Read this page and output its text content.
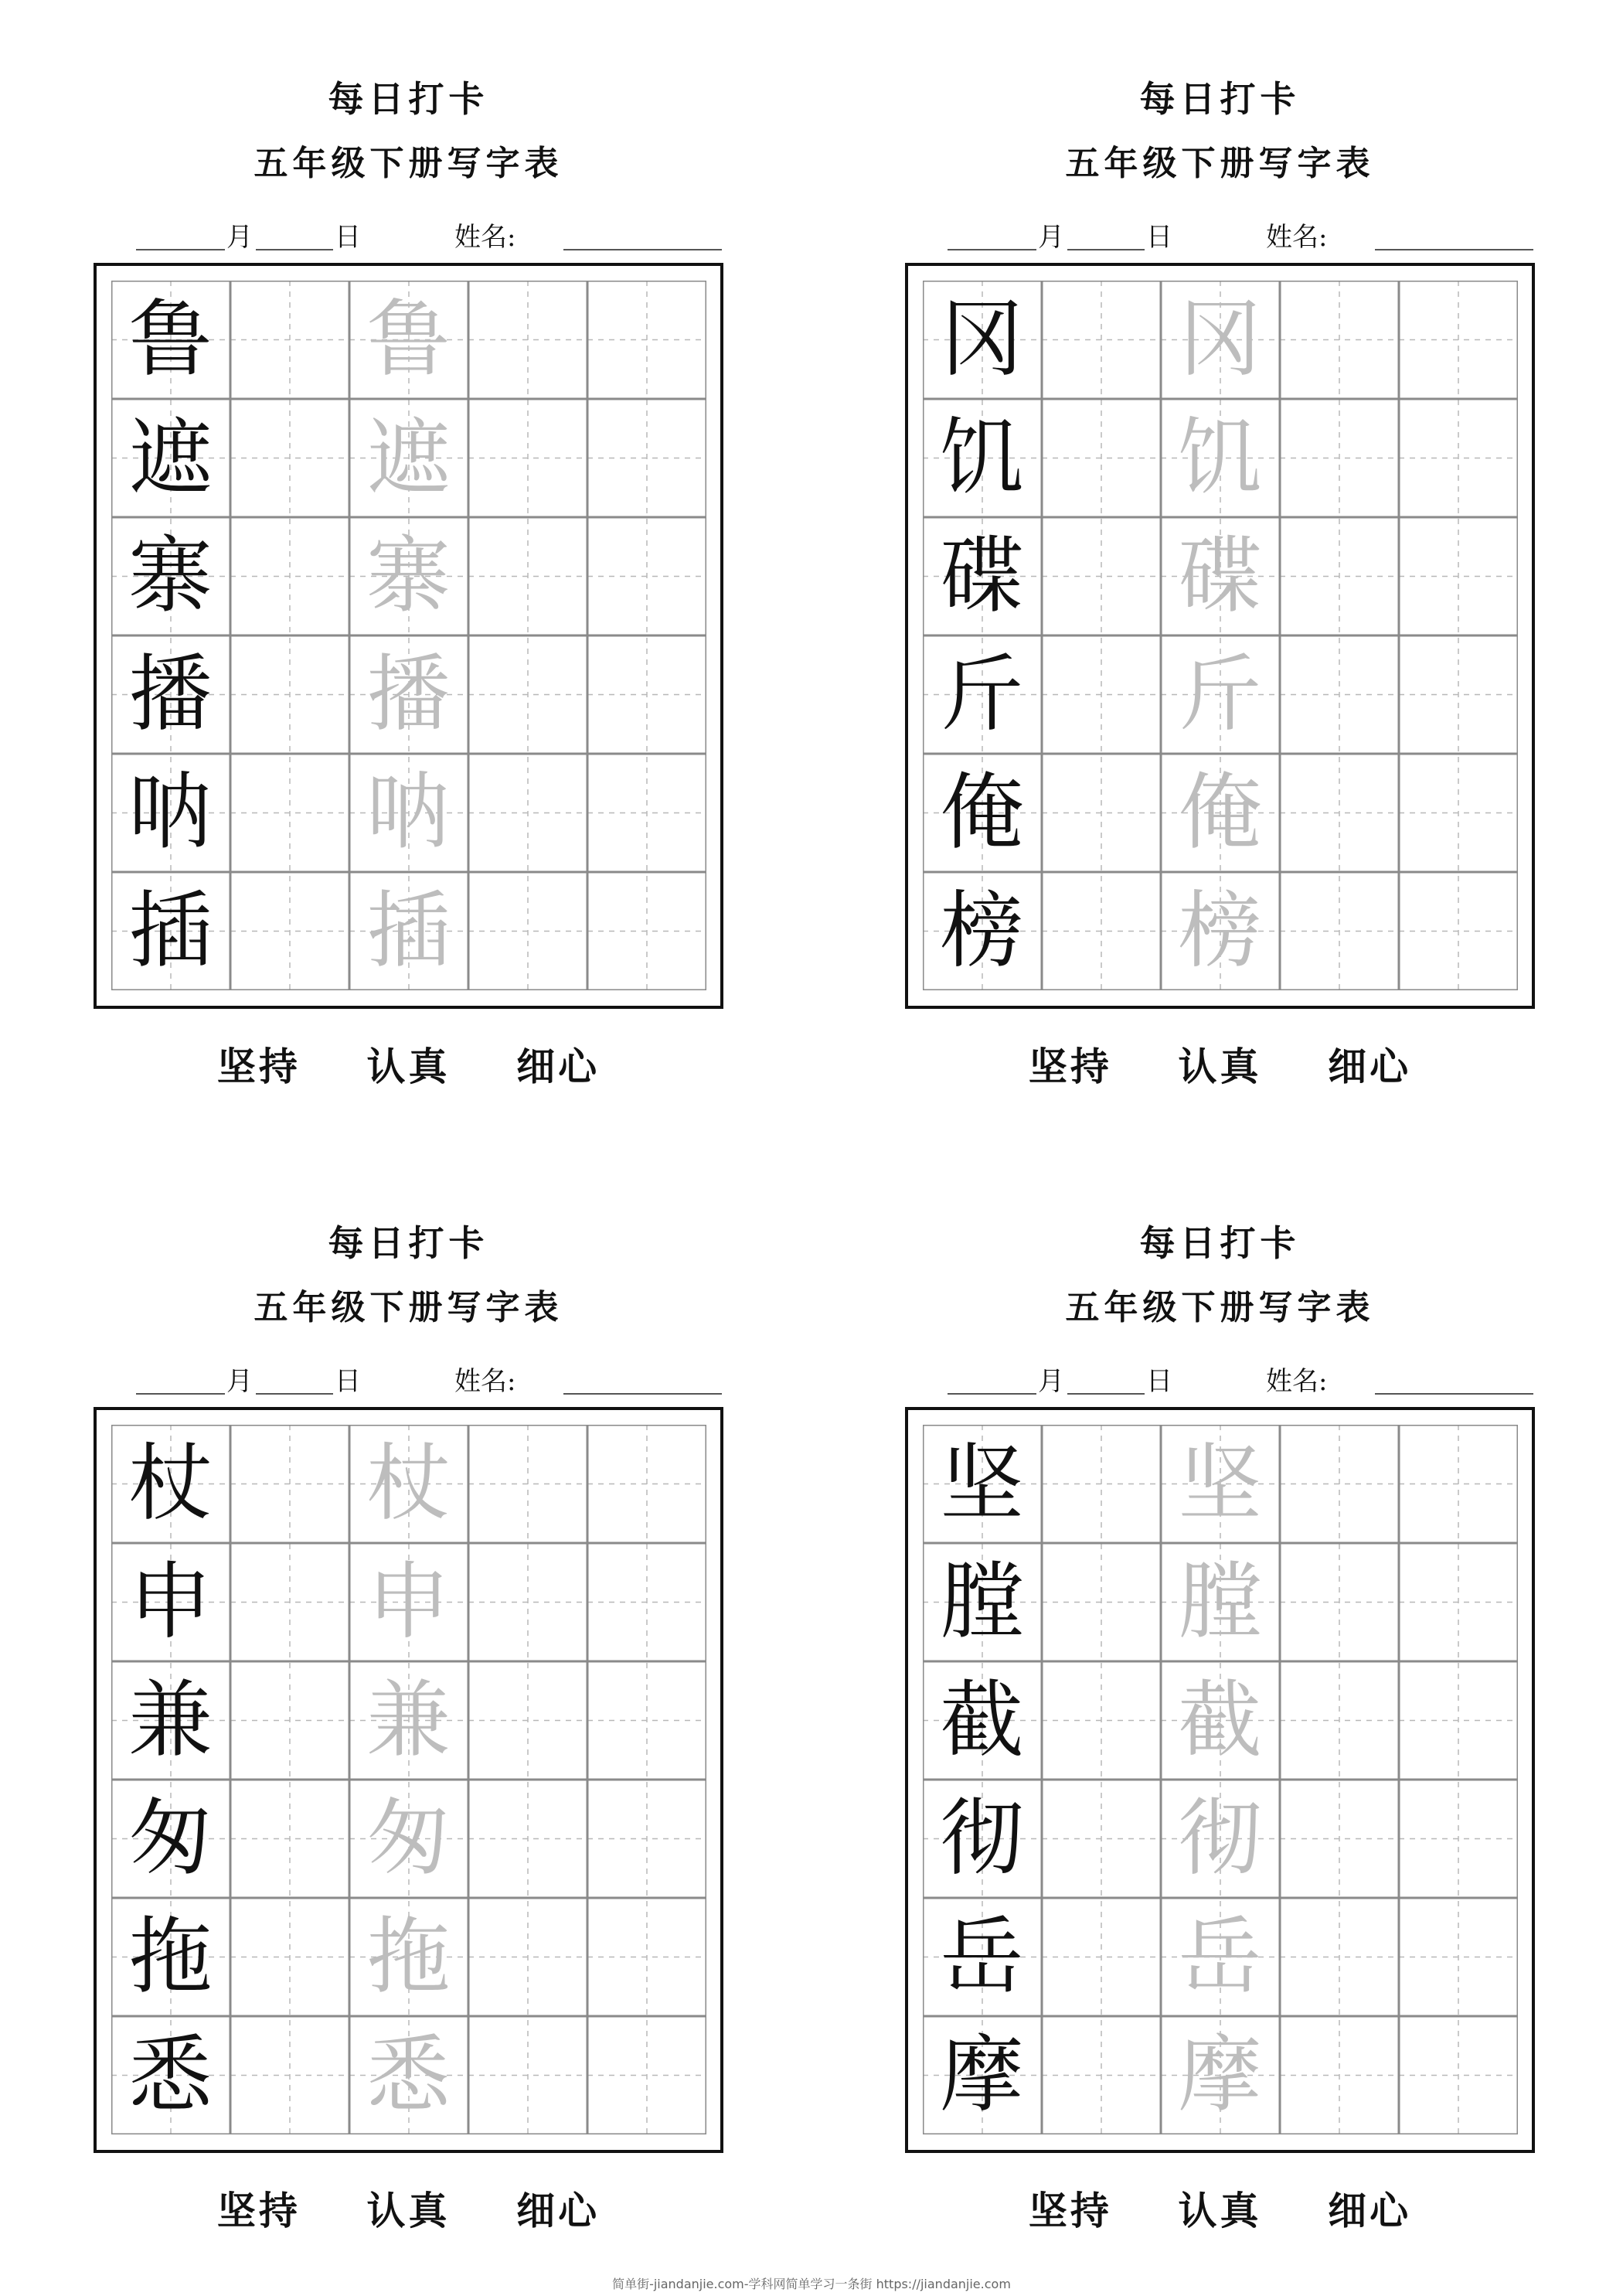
每日打卡
五年级下册写字表
月	日	姓名:
鲁 鲁
遮 遮
寨 寨
播 播
呐 呐
插 插
坚持    认真    细心
每日打卡
五年级下册写字表
月	日	姓名:
冈 冈
饥 饥
碟 碟
斤 斤
俺 俺
榜 榜
坚持    认真    细心
每日打卡
五年级下册写字表
月	日	姓名:
杖 杖
申 申
兼 兼
匆 匆
拖 拖
悉 悉
坚持    认真    细心
每日打卡
五年级下册写字表
月	日	姓名:
坚 坚
膛 膛
截 截
彻 彻
岳 岳
摩 摩
坚持    认真    细心
简单街-jiandanjie.com-学科网简单学习一条街 https://jiandanjie.com
